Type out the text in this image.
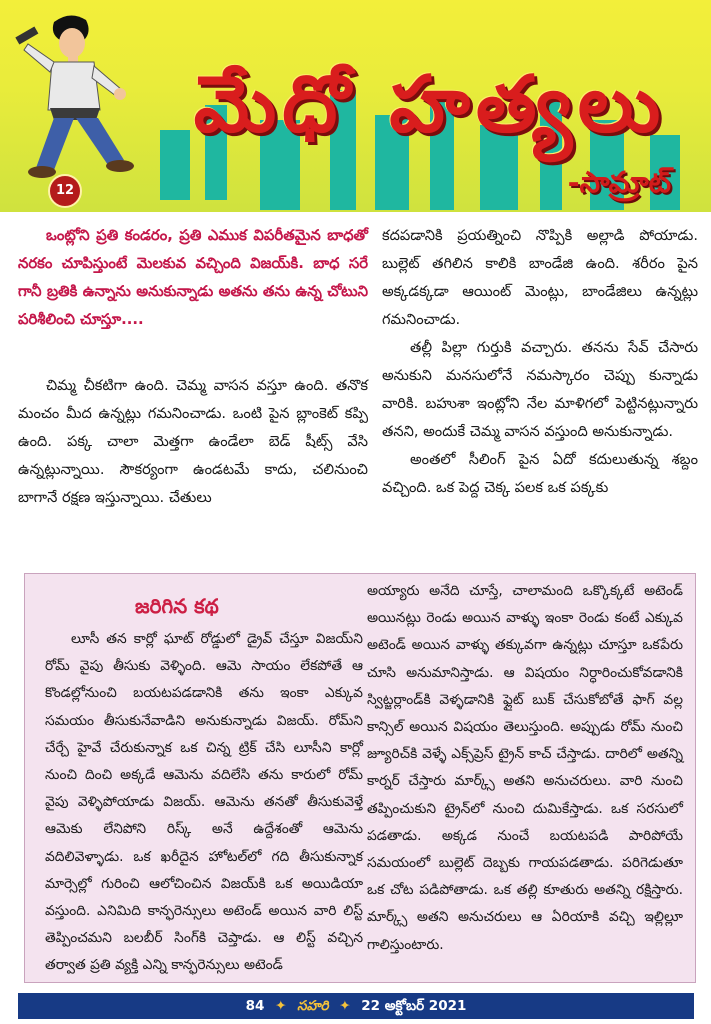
మేధో హత్యలు
12	-సామ్రాట్

ఒంట్లోని ప్రతి కండరం, ప్రతి ఎముక విపరీతమైన బాధతో నరకం చూపిస్తుంటే మెలకువ వచ్చింది విజయ్‌కి. బాధ సరే గానీ బ్రతికి ఉన్నాను అనుకున్నాడు అతను తను ఉన్న చోటుని పరిశీలించి చూస్తూ....

చిమ్మ చీకటిగా ఉంది. చెమ్మ వాసన వస్తూ ఉంది. తనొక మంచం మీద ఉన్నట్లు గమనించాడు. ఒంటి పైన బ్లాంకెట్ కప్పి ఉంది. పక్క చాలా మెత్తగా ఉండేలా బెడ్ షీట్స్ వేసి ఉన్నట్లున్నాయి. సౌకర్యంగా ఉండటమే కాదు, చలినుంచి బాగానే రక్షణ ఇస్తున్నాయి. చేతులు

కదపడానికి ప్రయత్నించి నొప్పికి అల్లాడి పోయాడు. బుల్లెట్ తగిలిన కాలికి బాండేజి ఉంది. శరీరం పైన అక్కడక్కడా ఆయింట్ మెంట్లు, బాండేజిలు ఉన్నట్లు గమనించాడు.

తల్లీ పిల్లా గుర్తుకి వచ్చారు. తనను సేవ్ చేసారు అనుకుని మనసులోనే నమస్కారం చెప్పు కున్నాడు వారికి. బహుశా ఇంట్లోని నేల మాళిగలో పెట్టినట్లున్నారు తనని, అందుకే చెమ్మ వాసన వస్తుంది అనుకున్నాడు.

అంతలో సీలింగ్ పైన ఏదో కదులుతున్న శబ్దం వచ్చింది. ఒక పెద్ద చెక్క పలక ఒక పక్కకు

జరిగిన కథ

లూసీ తన కార్లో ఘాట్ రోడ్డులో డ్రైవ్ చేస్తూ విజయ్‌ని రోమ్ వైపు తీసుకు వెళ్ళింది. ఆమె సాయం లేకపోతే ఆ కొండల్లోనుంచి బయటపడడానికి తను ఇంకా ఎక్కువ సమయం తీసుకునేవాడిని అనుకున్నాడు విజయ్. రోమ్‌ని చేర్చే హైవే చేరుకున్నాక ఒక చిన్న ట్రిక్ చేసి లూసీని కార్లో నుంచి దించి అక్కడే ఆమెను వదిలేసి తను కారులో రోమ్ వైపు వెళ్ళిపోయాడు విజయ్. ఆమెను తనతో తీసుకువెళ్తే ఆమెకు లేనిపోని రిస్క్ అనే ఉద్దేశంతో ఆమెను వదిలివెళ్ళాడు. ఒక ఖరీదైన హోటల్‌లో గది తీసుకున్నాక మార్సెల్లో గురించి ఆలోచించిన విజయ్‌కి ఒక అయిడియా వస్తుంది. ఎనిమిది కాన్ఫరెన్సులు అటెండ్ అయిన వారి లిస్ట్ తెప్పించమని బలబీర్ సింగ్‌కి చెప్తాడు. ఆ లిస్ట్ వచ్చిన తర్వాత ప్రతి వ్యక్తి ఎన్ని కాన్ఫరెన్సులు అటెండ్

అయ్యారు అనేది చూస్తే, చాలామంది ఒక్కొక్కటే అటెండ్ అయినట్లు రెండు అయిన వాళ్ళు ఇంకా రెండు కంటే ఎక్కువ అటెండ్ అయిన వాళ్ళు తక్కువగా ఉన్నట్లు చూస్తూ ఒకపేరు చూసి అనుమానిస్తాడు. ఆ విషయం నిర్ధారించుకోవడానికి స్విట్జర్లాండ్‌కి వెళ్ళడానికి ఫ్లైట్ బుక్ చేసుకోబోతే ఫాగ్ వల్ల కాన్సిల్ అయిన విషయం తెలుస్తుంది. అప్పుడు రోమ్ నుంచి జ్యూరిచ్‌కి వెళ్ళే ఎక్స్‌ప్రెస్ ట్రైన్ కాచ్ చేస్తాడు. దారిలో అతన్ని కార్నర్ చేస్తారు మార్క్స్ అతని అనుచరులు. వారి నుంచి తప్పించుకుని ట్రైన్‌లో నుంచి దుమికేస్తాడు. ఒక సరసులో పడతాడు. అక్కడ నుంచే బయటపడి పారిపోయే సమయంలో బుల్లెట్ దెబ్బకు గాయపడతాడు. పరిగెడుతూ ఒక చోట పడిపోతాడు. ఒక తల్లి కూతురు అతన్ని రక్షిస్తారు. మార్క్స్ అతని అనుచరులు ఆ ఏరియాకి వచ్చి ఇల్లిల్లూ గాలిస్తుంటారు.

84 ✦ సహరి ✦ 22 అక్టోబర్ 2021
